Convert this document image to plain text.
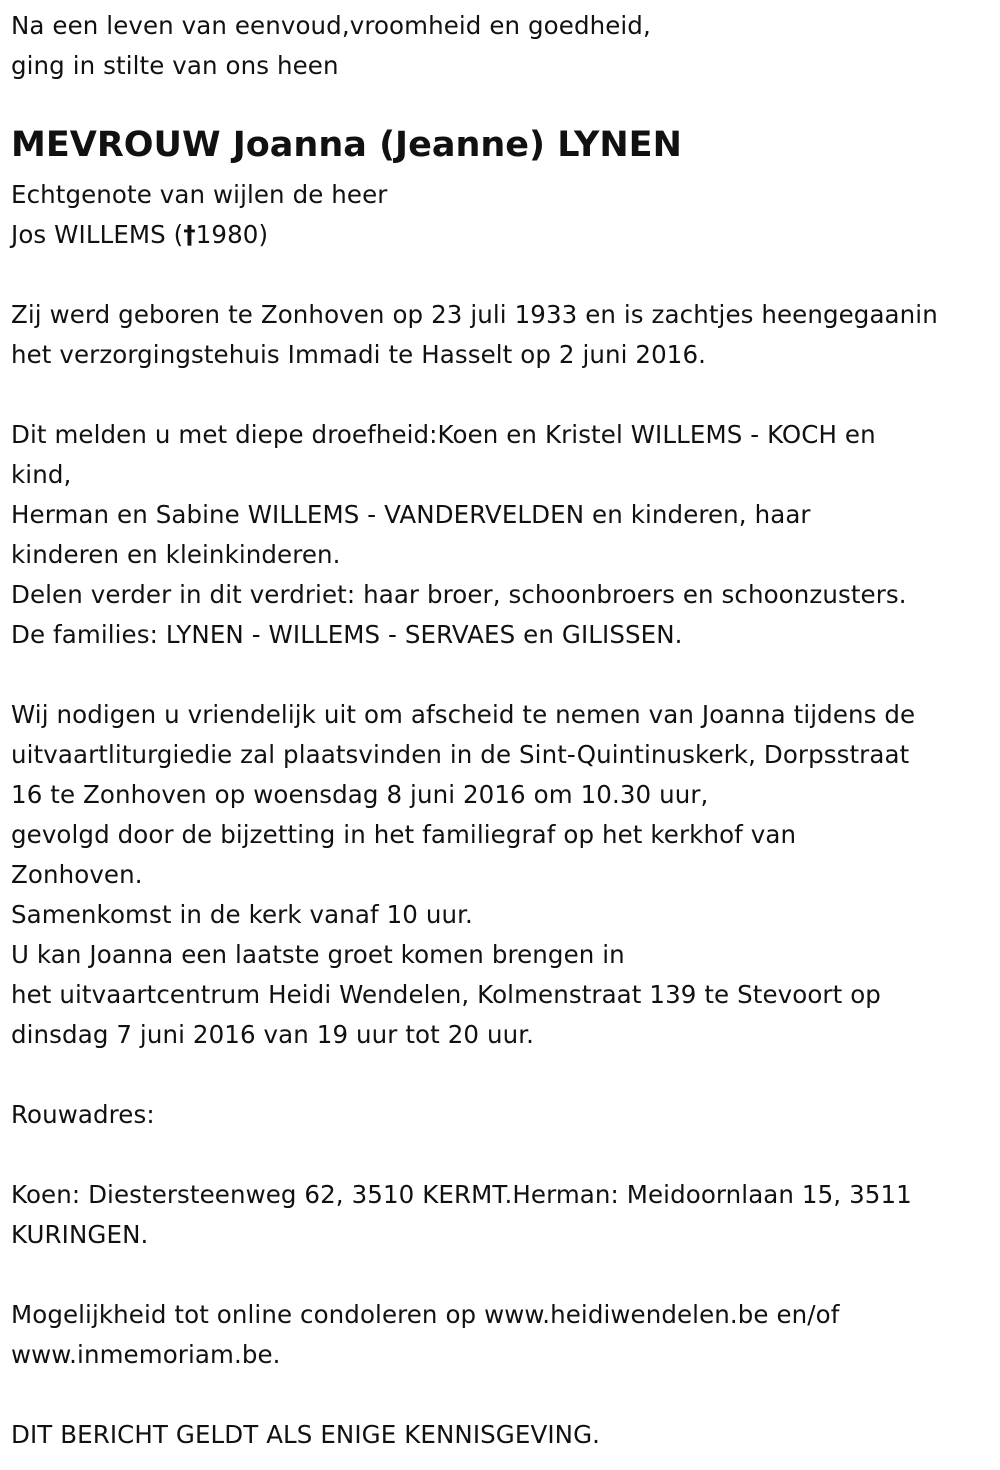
Na een leven van eenvoud,vroomheid en goedheid,
ging in stilte van ons heen
MEVROUW Joanna (Jeanne) LYNEN
Echtgenote van wijlen de heer
Jos WILLEMS (†1980)
Zij werd geboren te Zonhoven op 23 juli 1933 en is zachtjes heengegaanin
het verzorgingstehuis Immadi te Hasselt op 2 juni 2016.
Dit melden u met diepe droefheid:Koen en Kristel WILLEMS - KOCH en
kind,
Herman en Sabine WILLEMS - VANDERVELDEN en kinderen, haar
kinderen en kleinkinderen.
Delen verder in dit verdriet: haar broer, schoonbroers en schoonzusters.
De families: LYNEN - WILLEMS - SERVAES en GILISSEN.
Wij nodigen u vriendelijk uit om afscheid te nemen van Joanna tijdens de
uitvaartliturgiedie zal plaatsvinden in de Sint-Quintinuskerk, Dorpsstraat
16 te Zonhoven op woensdag 8 juni 2016 om 10.30 uur,
gevolgd door de bijzetting in het familiegraf op het kerkhof van
Zonhoven.
Samenkomst in de kerk vanaf 10 uur.
U kan Joanna een laatste groet komen brengen in
het uitvaartcentrum Heidi Wendelen, Kolmenstraat 139 te Stevoort op
dinsdag 7 juni 2016 van 19 uur tot 20 uur.
Rouwadres:
Koen: Diestersteenweg 62, 3510 KERMT.Herman: Meidoornlaan 15, 3511
KURINGEN.
Mogelijkheid tot online condoleren op www.heidiwendelen.be en/of
www.inmemoriam.be.
DIT BERICHT GELDT ALS ENIGE KENNISGEVING.
